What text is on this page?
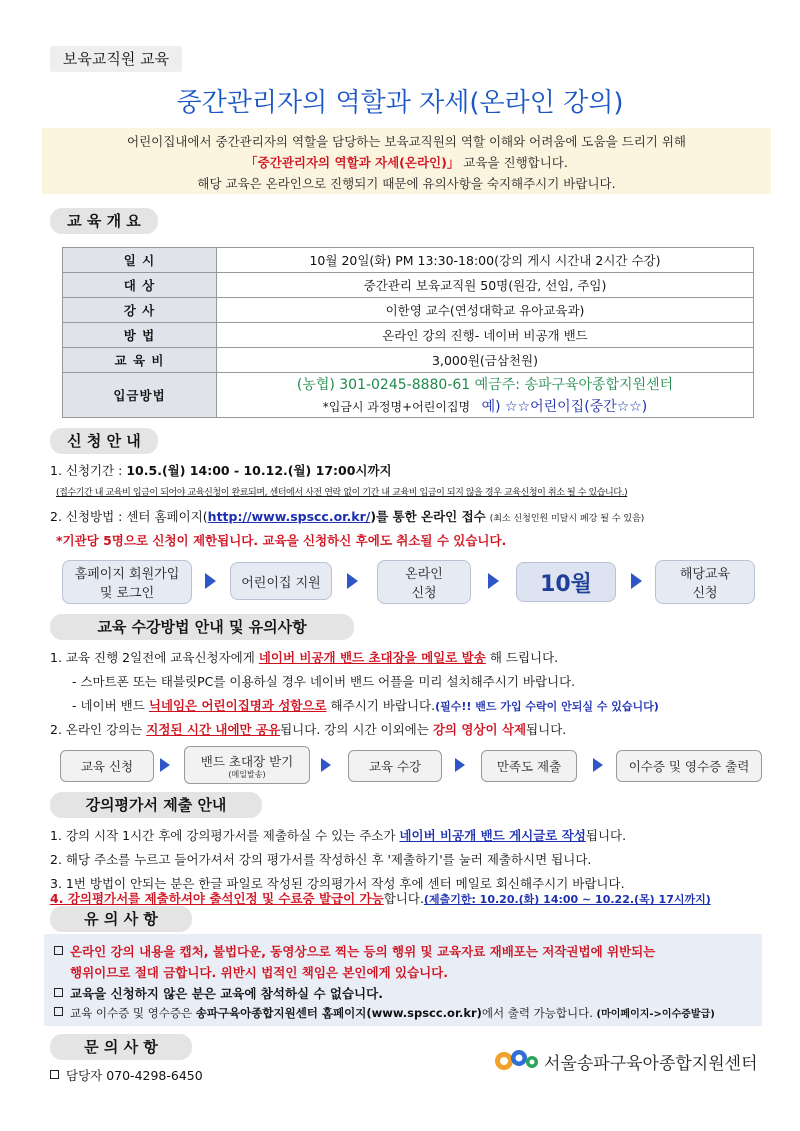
보육교직원 교육
중간관리자의 역할과 자세(온라인 강의)
어린이집내에서 중간관리자의 역할을 담당하는 보육교직원의 역할 이해와 어려움에 도움을 드리기 위해
「중간관리자의 역할과 자세(온라인)」 교육을 진행합니다.
해당 교육은 온라인으로 진행되기 때문에 유의사항을 숙지해주시기 바랍니다.
교 육 개 요
일 시	10월 20일(화) PM 13:30-18:00(강의 게시 시간내 2시간 수강)
대 상	중간관리 보육교직원 50명(원감, 선임, 주임)
강 사	이한영 교수(연성대학교 유아교육과)
방 법	온라인 강의 진행- 네이버 비공개 밴드
교 육 비	3,000원(금삼천원)
입금방법	(농협) 301-0245-8880-61 예금주: 송파구육아종합지원센터
*입금시 과정명+어린이집명 예) ☆☆어린이집(중간☆☆)
신 청 안 내
1. 신청기간 : 10.5.(월) 14:00 - 10.12.(월) 17:00시까지
(접수기간 내 교육비 입금이 되어야 교육신청이 완료되며, 센터에서 사전 연락 없이 기간 내 교육비 입금이 되지 않을 경우 교육신청이 취소 될 수 있습니다.)
2. 신청방법 : 센터 홈페이지(http://www.spscc.or.kr/)를 통한 온라인 접수 (최소 신청인원 미달시 폐강 될 수 있음)
*기관당 5명으로 신청이 제한됩니다. 교육을 신청하신 후에도 취소될 수 있습니다.
홈페이지 회원가입
및 로그인
어린이집 지원
온라인
신청	10월	해당교육
신청
교육 수강방법 안내 및 유의사항
1. 교육 진행 2일전에 교육신청자에게 네이버 비공개 밴드 초대장을 메일로 발송 해 드립니다.
- 스마트폰 또는 태블릿PC를 이용하실 경우 네이버 밴드 어플을 미리 설치해주시기 바랍니다.
- 네이버 밴드 닉네임은 어린이집명과 성함으로 해주시기 바랍니다.(필수!! 밴드 가입 수락이 안되실 수 있습니다)
2. 온라인 강의는 지정된 시간 내에만 공유됩니다. 강의 시간 이외에는 강의 영상이 삭제됩니다.
교육 신청	밴드 초대장 받기
(메일발송)	교육 수강	만족도 제출	이수증 및 영수증 출력
강의평가서 제출 안내
1. 강의 시작 1시간 후에 강의평가서를 제출하실 수 있는 주소가 네이버 비공개 밴드 게시글로 작성됩니다.
2. 해당 주소를 누르고 들어가셔서 강의 평가서를 작성하신 후 '제출하기'를 눌러 제출하시면 됩니다.
3. 1번 방법이 안되는 분은 한글 파일로 작성된 강의평가서 작성 후에 센터 메일로 회신해주시기 바랍니다.
4. 강의평가서를 제출하셔야 출석인정 및 수료증 발급이 가능합니다.(제출기한: 10.20.(화) 14:00 ~ 10.22.(목) 17시까지)
유 의 사 항
온라인 강의 내용을 캡처, 불법다운, 동영상으로 찍는 등의 행위 및 교육자료 재배포는 저작권법에 위반되는
행위이므로 절대 금합니다. 위반시 법적인 책임은 본인에게 있습니다.
교육을 신청하지 않은 분은 교육에 참석하실 수 없습니다.
교육 이수증 및 영수증은 송파구육아종합지원센터 홈페이지(www.spscc.or.kr)에서 출력 가능합니다. (마이페이지->이수증발급)
문 의 사 항
담당자 070-4298-6450
서울송파구육아종합지원센터
